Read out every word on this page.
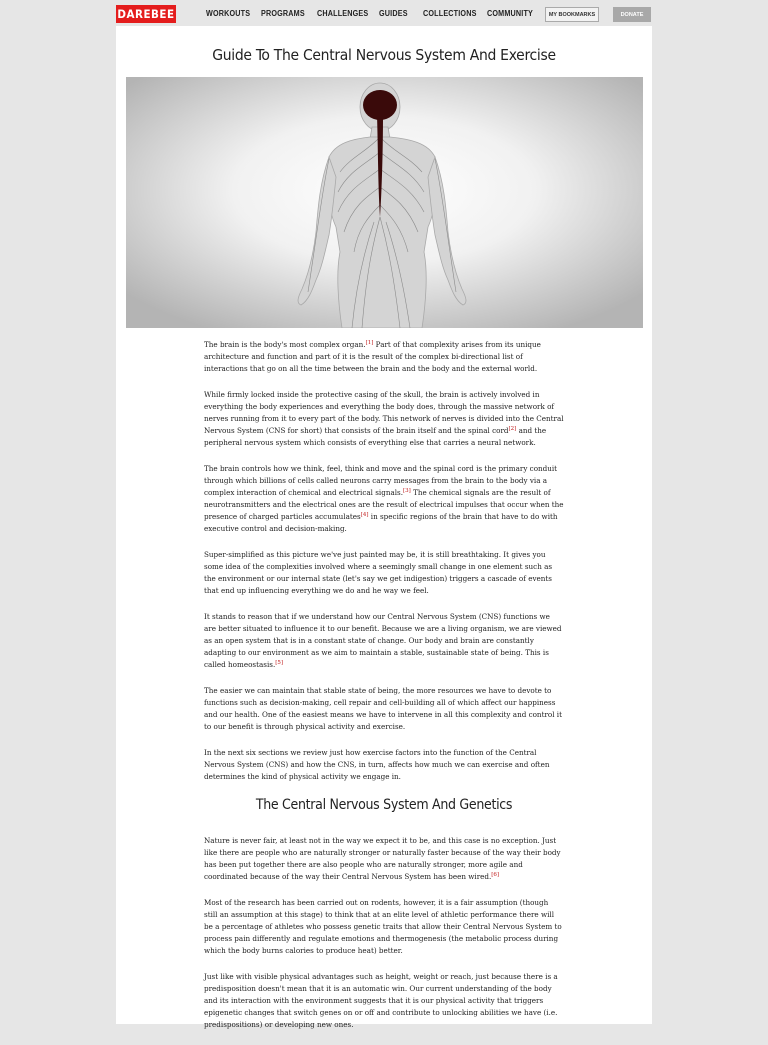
DAREBEE	WORKOUTS PROGRAMS CHALLENGES GUIDES COLLECTIONS COMMUNITY	MY BOOKMARKS	DONATE
Guide To The Central Nervous System And Exercise

The brain is the body's most complex organ.[1] Part of that complexity arises from its unique architecture and function and part of it is the result of the complex bi-directional list of interactions that go on all the time between the brain and the body and the external world.

While firmly locked inside the protective casing of the skull, the brain is actively involved in everything the body experiences and everything the body does, through the massive network of nerves running from it to every part of the body. This network of nerves is divided into the Central Nervous System (CNS for short) that consists of the brain itself and the spinal cord[2] and the peripheral nervous system which consists of everything else that carries a neural network.

The brain controls how we think, feel, think and move and the spinal cord is the primary conduit through which billions of cells called neurons carry messages from the brain to the body via a complex interaction of chemical and electrical signals.[3] The chemical signals are the result of neurotransmitters and the electrical ones are the result of electrical impulses that occur when the presence of charged particles accumulates[4] in specific regions of the brain that have to do with executive control and decision-making.

Super-simplified as this picture we've just painted may be, it is still breathtaking. It gives you some idea of the complexities involved where a seemingly small change in one element such as the environment or our internal state (let's say we get indigestion) triggers a cascade of events that end up influencing everything we do and he way we feel.

It stands to reason that if we understand how our Central Nervous System (CNS) functions we are better situated to influence it to our benefit. Because we are a living organism, we are viewed as an open system that is in a constant state of change. Our body and brain are constantly adapting to our environment as we aim to maintain a stable, sustainable state of being. This is called homeostasis.[5]

The easier we can maintain that stable state of being, the more resources we have to devote to functions such as decision-making, cell repair and cell-building all of which affect our happiness and our health. One of the easiest means we have to intervene in all this complexity and control it to our benefit is through physical activity and exercise.

In the next six sections we review just how exercise factors into the function of the Central Nervous System (CNS) and how the CNS, in turn, affects how much we can exercise and often determines the kind of physical activity we engage in.

The Central Nervous System And Genetics

Nature is never fair, at least not in the way we expect it to be, and this case is no exception. Just like there are people who are naturally stronger or naturally faster because of the way their body has been put together there are also people who are naturally stronger, more agile and coordinated because of the way their Central Nervous System has been wired.[6]

Most of the research has been carried out on rodents, however, it is a fair assumption (though still an assumption at this stage) to think that at an elite level of athletic performance there will be a percentage of athletes who possess genetic traits that allow their Central Nervous System to process pain differently and regulate emotions and thermogenesis (the metabolic process during which the body burns calories to produce heat) better.

Just like with visible physical advantages such as height, weight or reach, just because there is a predisposition doesn't mean that it is an automatic win. Our current understanding of the body and its interaction with the environment suggests that it is our physical activity that triggers epigenetic changes that switch genes on or off and contribute to unlocking abilities we have (i.e. predispositions) or developing new ones.
